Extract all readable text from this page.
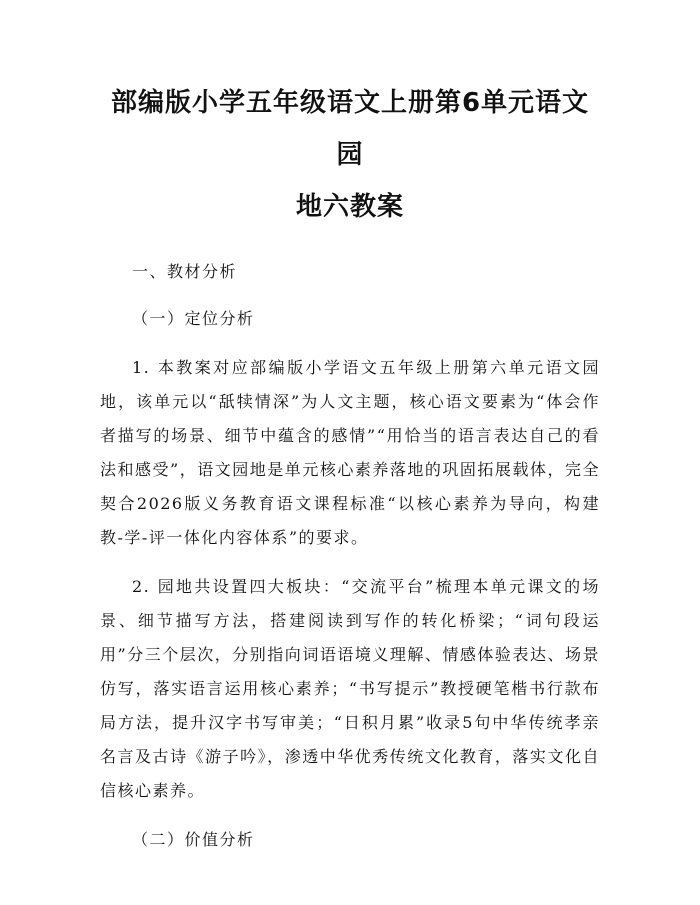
部编版小学五年级语文上册第6单元语文园
地六教案

一、教材分析

（一）定位分析

1. 本教案对应部编版小学语文五年级上册第六单元语文园地，该单元以“舐犊情深”为人文主题，核心语文要素为“体会作者描写的场景、细节中蕴含的感情”“用恰当的语言表达自己的看法和感受”，语文园地是单元核心素养落地的巩固拓展载体，完全契合2026版义务教育语文课程标准“以核心素养为导向，构建教-学-评一体化内容体系”的要求。

2. 园地共设置四大板块：“交流平台”梳理本单元课文的场景、细节描写方法，搭建阅读到写作的转化桥梁；“词句段运用”分三个层次，分别指向词语语境义理解、情感体验表达、场景仿写，落实语言运用核心素养；“书写提示”教授硬笔楷书行款布局方法，提升汉字书写审美；“日积月累”收录5句中华传统孝亲名言及古诗《游子吟》，渗透中华优秀传统文化教育，落实文化自信核心素养。

（二）价值分析
